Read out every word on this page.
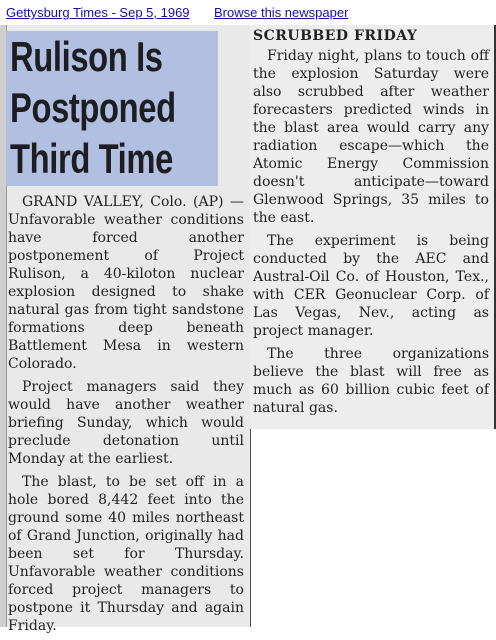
Gettysburg Times - Sep 5, 1969 Browse this newspaper
Rulison Is Postponed Third Time

GRAND VALLEY, Colo. (AP) — Unfavorable weather conditions have forced another postponement of Project Rulison, a 40-kiloton nuclear explosion designed to shake natural gas from tight sandstone formations deep beneath Battlement Mesa in western Colorado.

Project managers said they would have another weather briefing Sunday, which would preclude detonation until Monday at the earliest.

The blast, to be set off in a hole bored 8,442 feet into the ground some 40 miles northeast of Grand Junction, originally had been set for Thursday. Unfavorable weather conditions forced project managers to postpone it Thursday and again Friday.

SCRUBBED FRIDAY

Friday night, plans to touch off the explosion Saturday were also scrubbed after weather forecasters predicted winds in the blast area would carry any radiation escape—which the Atomic Energy Commission doesn't anticipate—toward Glenwood Springs, 35 miles to the east.

The experiment is being conducted by the AEC and Austral-Oil Co. of Houston, Tex., with CER Geonuclear Corp. of Las Vegas, Nev., acting as project manager.

The three organizations believe the blast will free as much as 60 billion cubic feet of natural gas.
